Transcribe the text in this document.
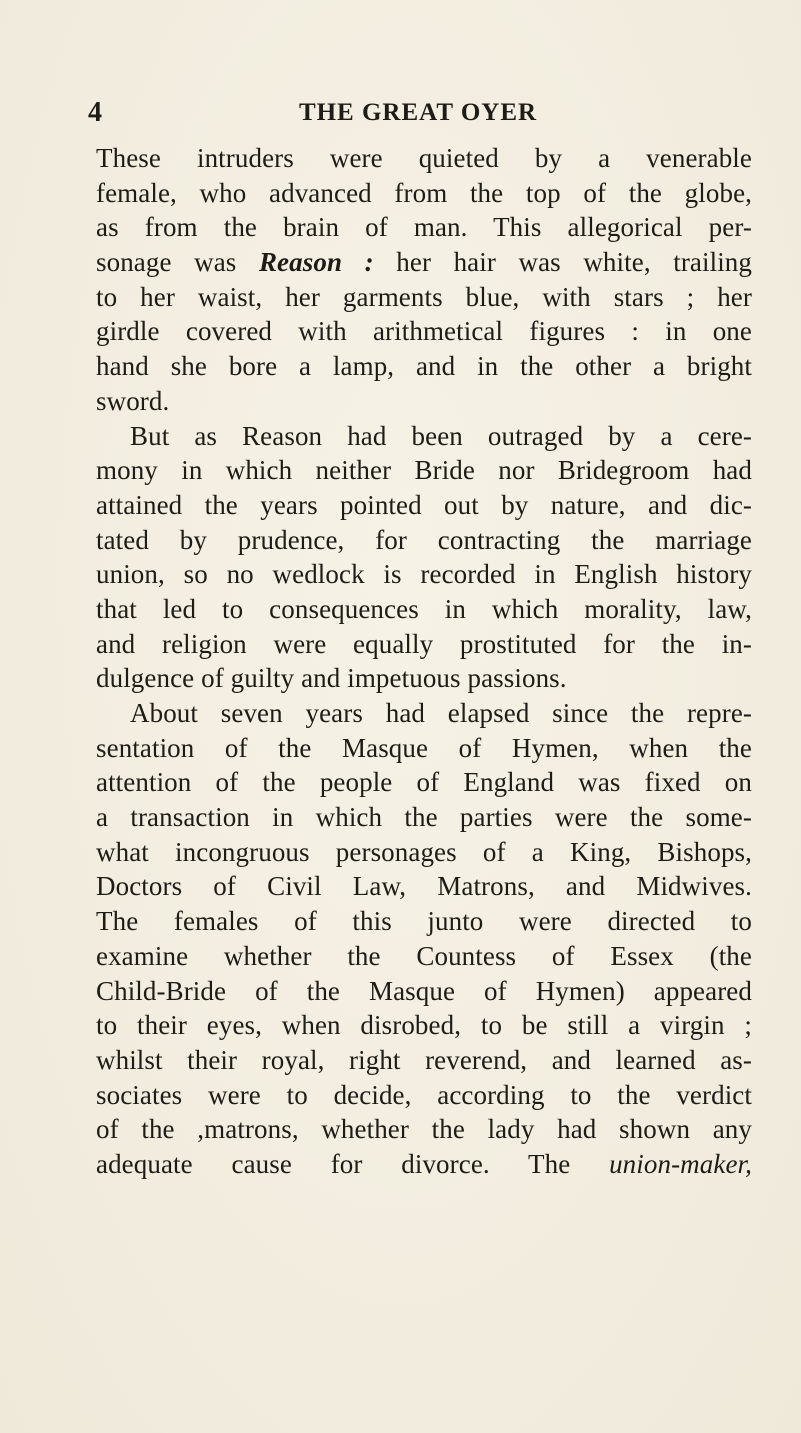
4	THE GREAT OYER
These intruders were quieted by a venerable
female, who advanced from the top of the globe,
as from the brain of man. This allegorical per-
sonage was Reason : her hair was white, trailing
to her waist, her garments blue, with stars ; her
girdle covered with arithmetical figures : in one
hand she bore a lamp, and in the other a bright
sword.
But as Reason had been outraged by a cere-
mony in which neither Bride nor Bridegroom had
attained the years pointed out by nature, and dic-
tated by prudence, for contracting the marriage
union, so no wedlock is recorded in English history
that led to consequences in which morality, law,
and religion were equally prostituted for the in-
dulgence of guilty and impetuous passions.
About seven years had elapsed since the repre-
sentation of the Masque of Hymen, when the
attention of the people of England was fixed on
a transaction in which the parties were the some-
what incongruous personages of a King, Bishops,
Doctors of Civil Law, Matrons, and Midwives.
The females of this junto were directed to
examine whether the Countess of Essex (the
Child-Bride of the Masque of Hymen) appeared
to their eyes, when disrobed, to be still a virgin ;
whilst their royal, right reverend, and learned as-
sociates were to decide, according to the verdict
of the ,matrons, whether the lady had shown any
adequate cause for divorce. The union-maker,
